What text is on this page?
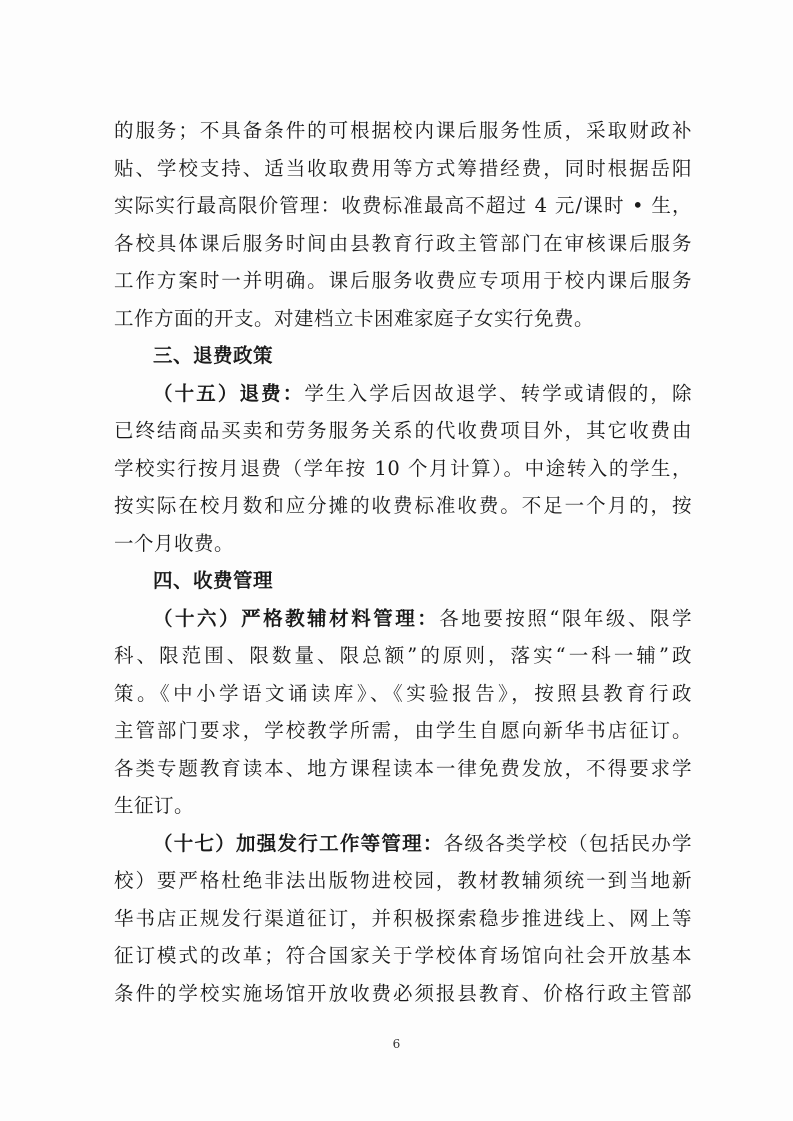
的服务；不具备条件的可根据校内课后服务性质，采取财政补
贴、学校支持、适当收取费用等方式筹措经费，同时根据岳阳
实际实行最高限价管理：收费标准最高不超过 4 元/课时 • 生，
各校具体课后服务时间由县教育行政主管部门在审核课后服务
工作方案时一并明确。课后服务收费应专项用于校内课后服务
工作方面的开支。对建档立卡困难家庭子女实行免费。
三、退费政策
（十五）退费：学生入学后因故退学、转学或请假的，除
已终结商品买卖和劳务服务关系的代收费项目外，其它收费由
学校实行按月退费（学年按 10 个月计算）。中途转入的学生，
按实际在校月数和应分摊的收费标准收费。不足一个月的，按
一个月收费。
四、收费管理
（十六）严格教辅材料管理：各地要按照“限年级、限学
科、限范围、限数量、限总额”的原则，落实“一科一辅”政
策。《中小学语文诵读库》、《实验报告》，按照县教育行政
主管部门要求，学校教学所需，由学生自愿向新华书店征订。
各类专题教育读本、地方课程读本一律免费发放，不得要求学
生征订。
（十七）加强发行工作等管理：各级各类学校（包括民办学
校）要严格杜绝非法出版物进校园，教材教辅须统一到当地新
华书店正规发行渠道征订，并积极探索稳步推进线上、网上等
征订模式的改革；符合国家关于学校体育场馆向社会开放基本
条件的学校实施场馆开放收费必须报县教育、价格行政主管部
6
